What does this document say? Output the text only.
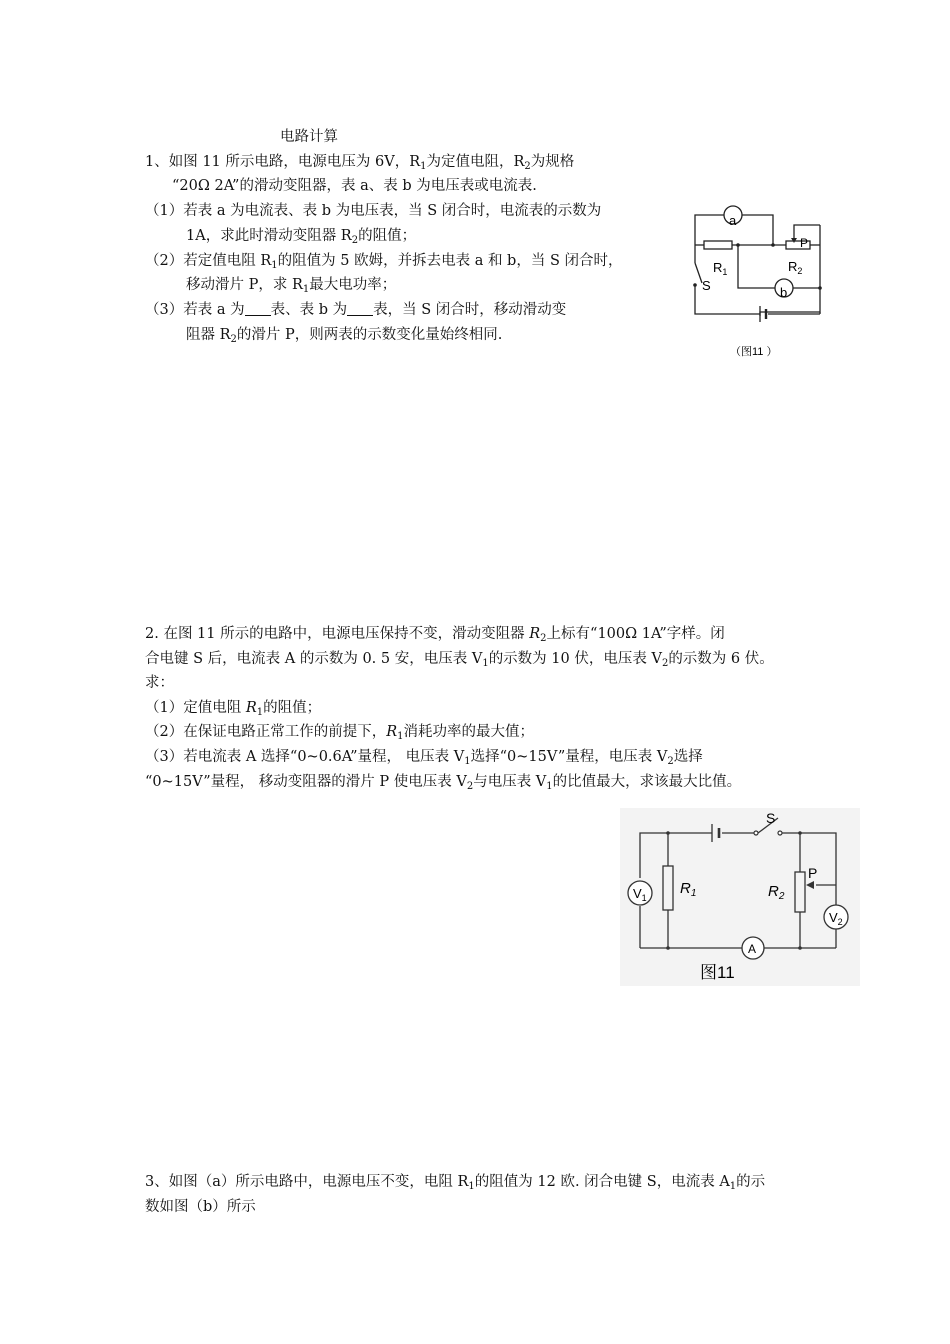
电路计算
1、如图 11 所示电路，电源电压为 6V，$R_1$为定值电阻，$R_2$为规格
“20Ω 2A”的滑动变阻器，表 a、表 b 为电压表或电流表.
（1）若表 a 为电流表、表 b 为电压表，当 S 闭合时，电流表的示数为
1A，求此时滑动变阻器 $R_2$的阻值；
（2）若定值电阻 $R_1$的阻值为 5 欧姆，并拆去电表 a 和 b，当 S 闭合时，
移动滑片 P，求 $R_1$最大电功率；
（3）若表 a 为 表、表 b 为 表，当 S 闭合时，移动滑动变
阻器 $R_2$的滑片 P，则两表的示数变化量始终相同.
a
b
P
$R_1$	$R_2$
S
（图11 ）
2. 在图 11 所示的电路中，电源电压保持不变，滑动变阻器 $R_2$上标有“100Ω 1A”字样。闭
合电键 S 后，电流表 A 的示数为 0. 5 安，电压表 $V_1$的示数为 10 伏，电压表 $V_2$的示数为 6 伏。
求：
（1）定值电阻 $R_1$的阻值；
（2）在保证电路正常工作的前提下，$R_1$消耗功率的最大值；
（3）若电流表 A 选择“0~0.6A”量程， 电压表 $V_1$选择“0~15V”量程，电压表 $V_2$选择
“0~15V”量程， 移动变阻器的滑片 P 使电压表 $V_2$与电压表 $V_1$的比值最大，求该最大比值。
$V_1$
$V_2$
A
S
P
$R_1$	$R_2$
图11
3、如图（a）所示电路中，电源电压不变，电阻 $R_1$的阻值为 12 欧. 闭合电键 S，电流表 $A_1$的示
数如图（b）所示
